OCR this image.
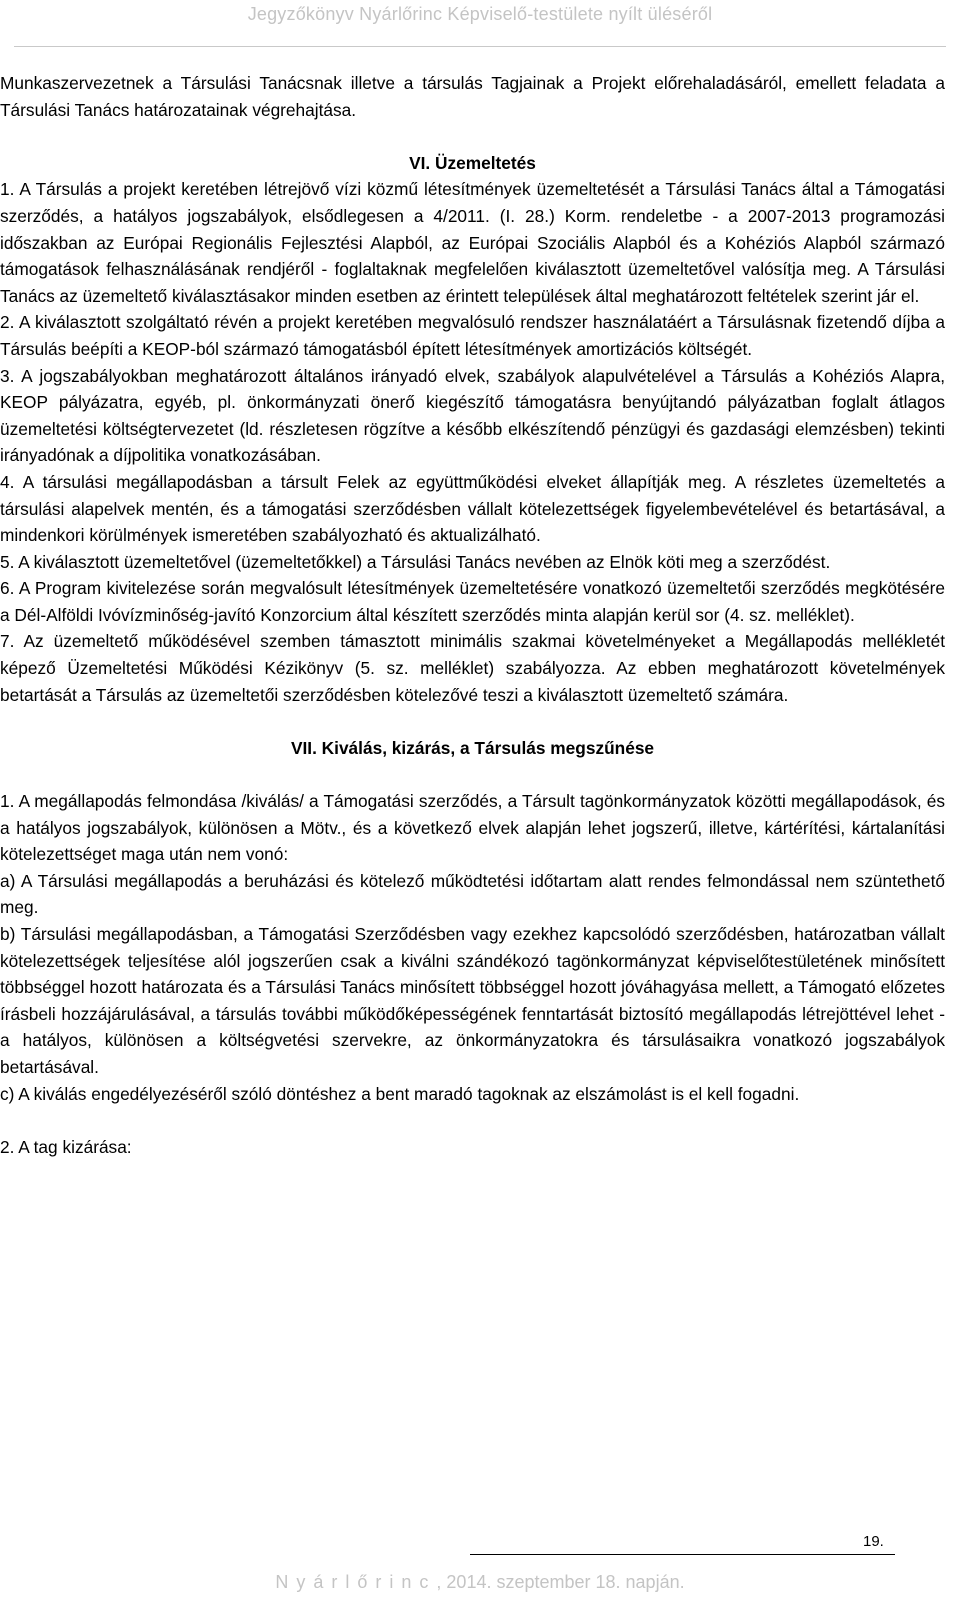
Jegyzőkönyv Nyárlőrinc Képviselő-testülete nyílt üléséről

Munkaszervezetnek a Társulási Tanácsnak illetve a társulás Tagjainak a Projekt előrehaladásáról, emellett feladata a Társulási Tanács határozatainak végrehajtása.

VI. Üzemeltetés

1. A Társulás a projekt keretében létrejövő vízi közmű létesítmények üzemeltetését a Társulási Tanács által a Támogatási szerződés, a hatályos jogszabályok, elsődlegesen a 4/2011. (I. 28.) Korm. rendeletbe - a 2007-2013 programozási időszakban az Európai Regionális Fejlesztési Alapból, az Európai Szociális Alapból és a Kohéziós Alapból származó támogatások felhasználásának rendjéről - foglaltaknak megfelelően kiválasztott üzemeltetővel valósítja meg. A Társulási Tanács az üzemeltető kiválasztásakor minden esetben az érintett települések által meghatározott feltételek szerint jár el.

2. A kiválasztott szolgáltató révén a projekt keretében megvalósuló rendszer használatáért a Társulásnak fizetendő díjba a Társulás beépíti a KEOP-ból származó támogatásból épített létesítmények amortizációs költségét.

3. A jogszabályokban meghatározott általános irányadó elvek, szabályok alapulvételével a Társulás a Kohéziós Alapra, KEOP pályázatra, egyéb, pl. önkormányzati önerő kiegészítő támogatásra benyújtandó pályázatban foglalt átlagos üzemeltetési költségtervezetet (ld. részletesen rögzítve a később elkészítendő pénzügyi és gazdasági elemzésben) tekinti irányadónak a díjpolitika vonatkozásában.

4. A társulási megállapodásban a társult Felek az együttműködési elveket állapítják meg. A részletes üzemeltetés a társulási alapelvek mentén, és a támogatási szerződésben vállalt kötelezettségek figyelembevételével és betartásával, a mindenkori körülmények ismeretében szabályozható és aktualizálható.

5. A kiválasztott üzemeltetővel (üzemeltetőkkel) a Társulási Tanács nevében az Elnök köti meg a szerződést.

6. A Program kivitelezése során megvalósult létesítmények üzemeltetésére vonatkozó üzemeltetői szerződés megkötésére a Dél-Alföldi Ivóvízminőség-javító Konzorcium által készített szerződés minta alapján kerül sor (4. sz. melléklet).

7. Az üzemeltető működésével szemben támasztott minimális szakmai követelményeket a Megállapodás mellékletét képező Üzemeltetési Működési Kézikönyv (5. sz. melléklet) szabályozza. Az ebben meghatározott követelmények betartását a Társulás az üzemeltetői szerződésben kötelezővé teszi a kiválasztott üzemeltető számára.

VII. Kiválás, kizárás, a Társulás megszűnése

1. A megállapodás felmondása /kiválás/ a Támogatási szerződés, a Társult tagönkormányzatok közötti megállapodások, és a hatályos jogszabályok, különösen a Mötv., és a következő elvek alapján lehet jogszerű, illetve, kártérítési, kártalanítási kötelezettséget maga után nem vonó:

a) A Társulási megállapodás a beruházási és kötelező működtetési időtartam alatt rendes felmondással nem szüntethető meg.

b) Társulási megállapodásban, a Támogatási Szerződésben vagy ezekhez kapcsolódó szerződésben, határozatban vállalt kötelezettségek teljesítése alól jogszerűen csak a kiválni szándékozó tagönkormányzat képviselőtestületének minősített többséggel hozott határozata és a Társulási Tanács minősített többséggel hozott jóváhagyása mellett, a Támogató előzetes írásbeli hozzájárulásával, a társulás további működőképességének fenntartását biztosító megállapodás létrejöttével lehet - a hatályos, különösen a költségvetési szervekre, az önkormányzatokra és társulásaikra vonatkozó jogszabályok betartásával.

c) A kiválás engedélyezéséről szóló döntéshez a bent maradó tagoknak az elszámolást is el kell fogadni.

2. A tag kizárása:

19.
Nyárlőrinc, 2014. szeptember 18. napján.
